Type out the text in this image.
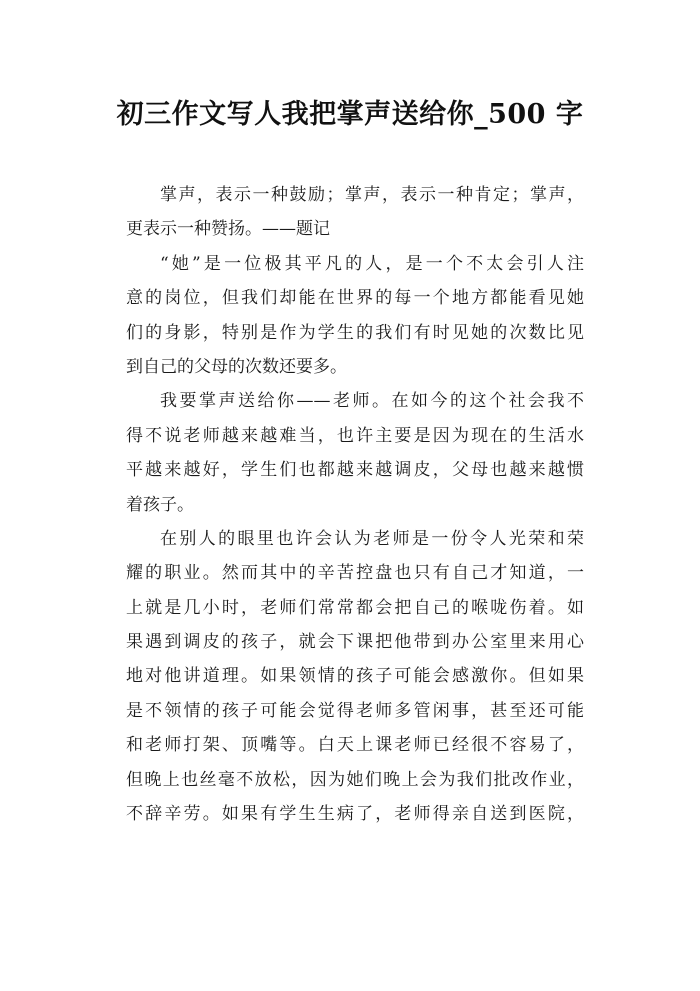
初三作文写人我把掌声送给你_500 字
掌声，表示一种鼓励；掌声，表示一种肯定；掌声，
更表示一种赞扬。——题记
“她”是一位极其平凡的人，是一个不太会引人注
意的岗位，但我们却能在世界的每一个地方都能看见她
们的身影，特别是作为学生的我们有时见她的次数比见
到自己的父母的次数还要多。
我要掌声送给你——老师。在如今的这个社会我不
得不说老师越来越难当，也许主要是因为现在的生活水
平越来越好，学生们也都越来越调皮，父母也越来越惯
着孩子。
在别人的眼里也许会认为老师是一份令人光荣和荣
耀的职业。然而其中的辛苦控盘也只有自己才知道，一
上就是几小时，老师们常常都会把自己的喉咙伤着。如
果遇到调皮的孩子，就会下课把他带到办公室里来用心
地对他讲道理。如果领情的孩子可能会感激你。但如果
是不领情的孩子可能会觉得老师多管闲事，甚至还可能
和老师打架、顶嘴等。白天上课老师已经很不容易了，
但晚上也丝毫不放松，因为她们晚上会为我们批改作业，
不辞辛劳。如果有学生生病了，老师得亲自送到医院，
